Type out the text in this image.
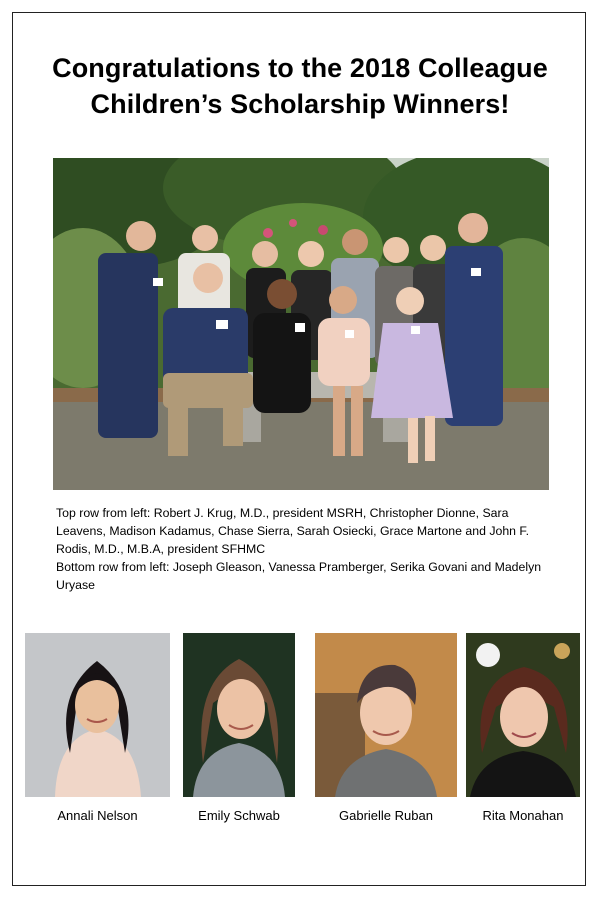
Congratulations to the 2018 Colleague
Children’s Scholarship Winners!

Top row from left: Robert J. Krug, M.D., president MSRH, Christopher Dionne, Sara Leavens, Madison Kadamus, Chase Sierra, Sarah Osiecki, Grace Martone and John F. Rodis, M.D., M.B.A, president SFHMC

Bottom row from left: Joseph Gleason, Vanessa Pramberger, Serika Govani and Madelyn Uryase

Annali Nelson	Emily Schwab	Gabrielle Ruban	Rita Monahan
